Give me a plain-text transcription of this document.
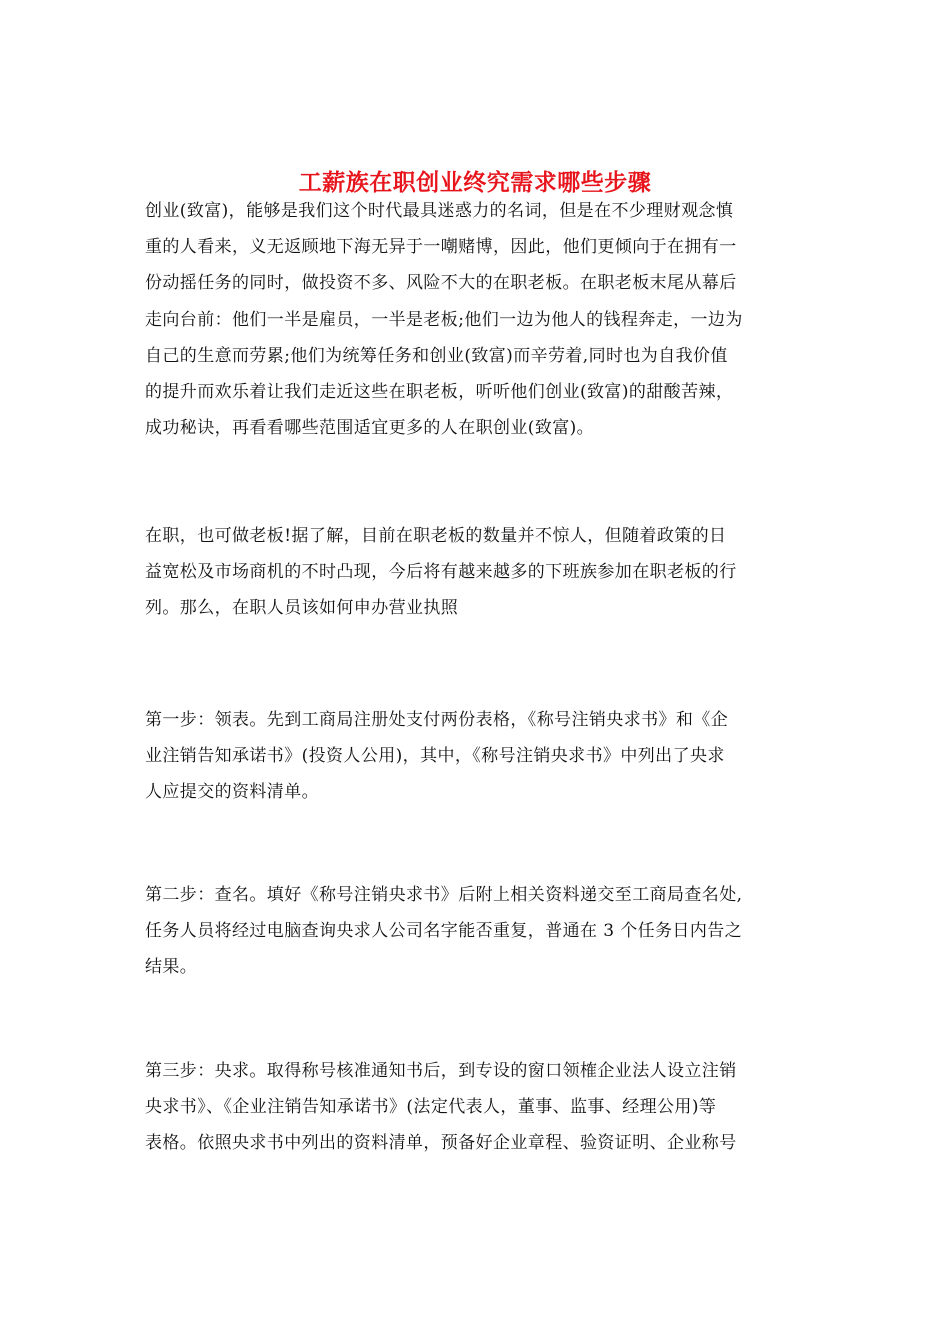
工薪族在职创业终究需求哪些步骤

创业(致富)，能够是我们这个时代最具迷惑力的名词，但是在不少理财观念慎
重的人看来，义无返顾地下海无异于一嘲赌博，因此，他们更倾向于在拥有一
份动摇任务的同时，做投资不多、风险不大的在职老板。在职老板末尾从幕后
走向台前：他们一半是雇员，一半是老板;他们一边为他人的钱程奔走，一边为
自己的生意而劳累;他们为统筹任务和创业(致富)而辛劳着,同时也为自我价值
的提升而欢乐着让我们走近这些在职老板，听听他们创业(致富)的甜酸苦辣，
成功秘诀，再看看哪些范围适宜更多的人在职创业(致富)。

在职，也可做老板!据了解，目前在职老板的数量并不惊人，但随着政策的日
益宽松及市场商机的不时凸现，今后将有越来越多的下班族参加在职老板的行
列。那么，在职人员该如何申办营业执照

第一步：领表。先到工商局注册处支付两份表格，《称号注销央求书》和《企
业注销告知承诺书》(投资人公用)，其中，《称号注销央求书》中列出了央求
人应提交的资料清单。

第二步：查名。填好《称号注销央求书》后附上相关资料递交至工商局查名处,
任务人员将经过电脑查询央求人公司名字能否重复，普通在 3 个任务日内告之
结果。

第三步：央求。取得称号核准通知书后，到专设的窗口领榷企业法人设立注销
央求书》、《企业注销告知承诺书》(法定代表人，董事、监事、经理公用)等
表格。依照央求书中列出的资料清单，预备好企业章程、验资证明、企业称号
